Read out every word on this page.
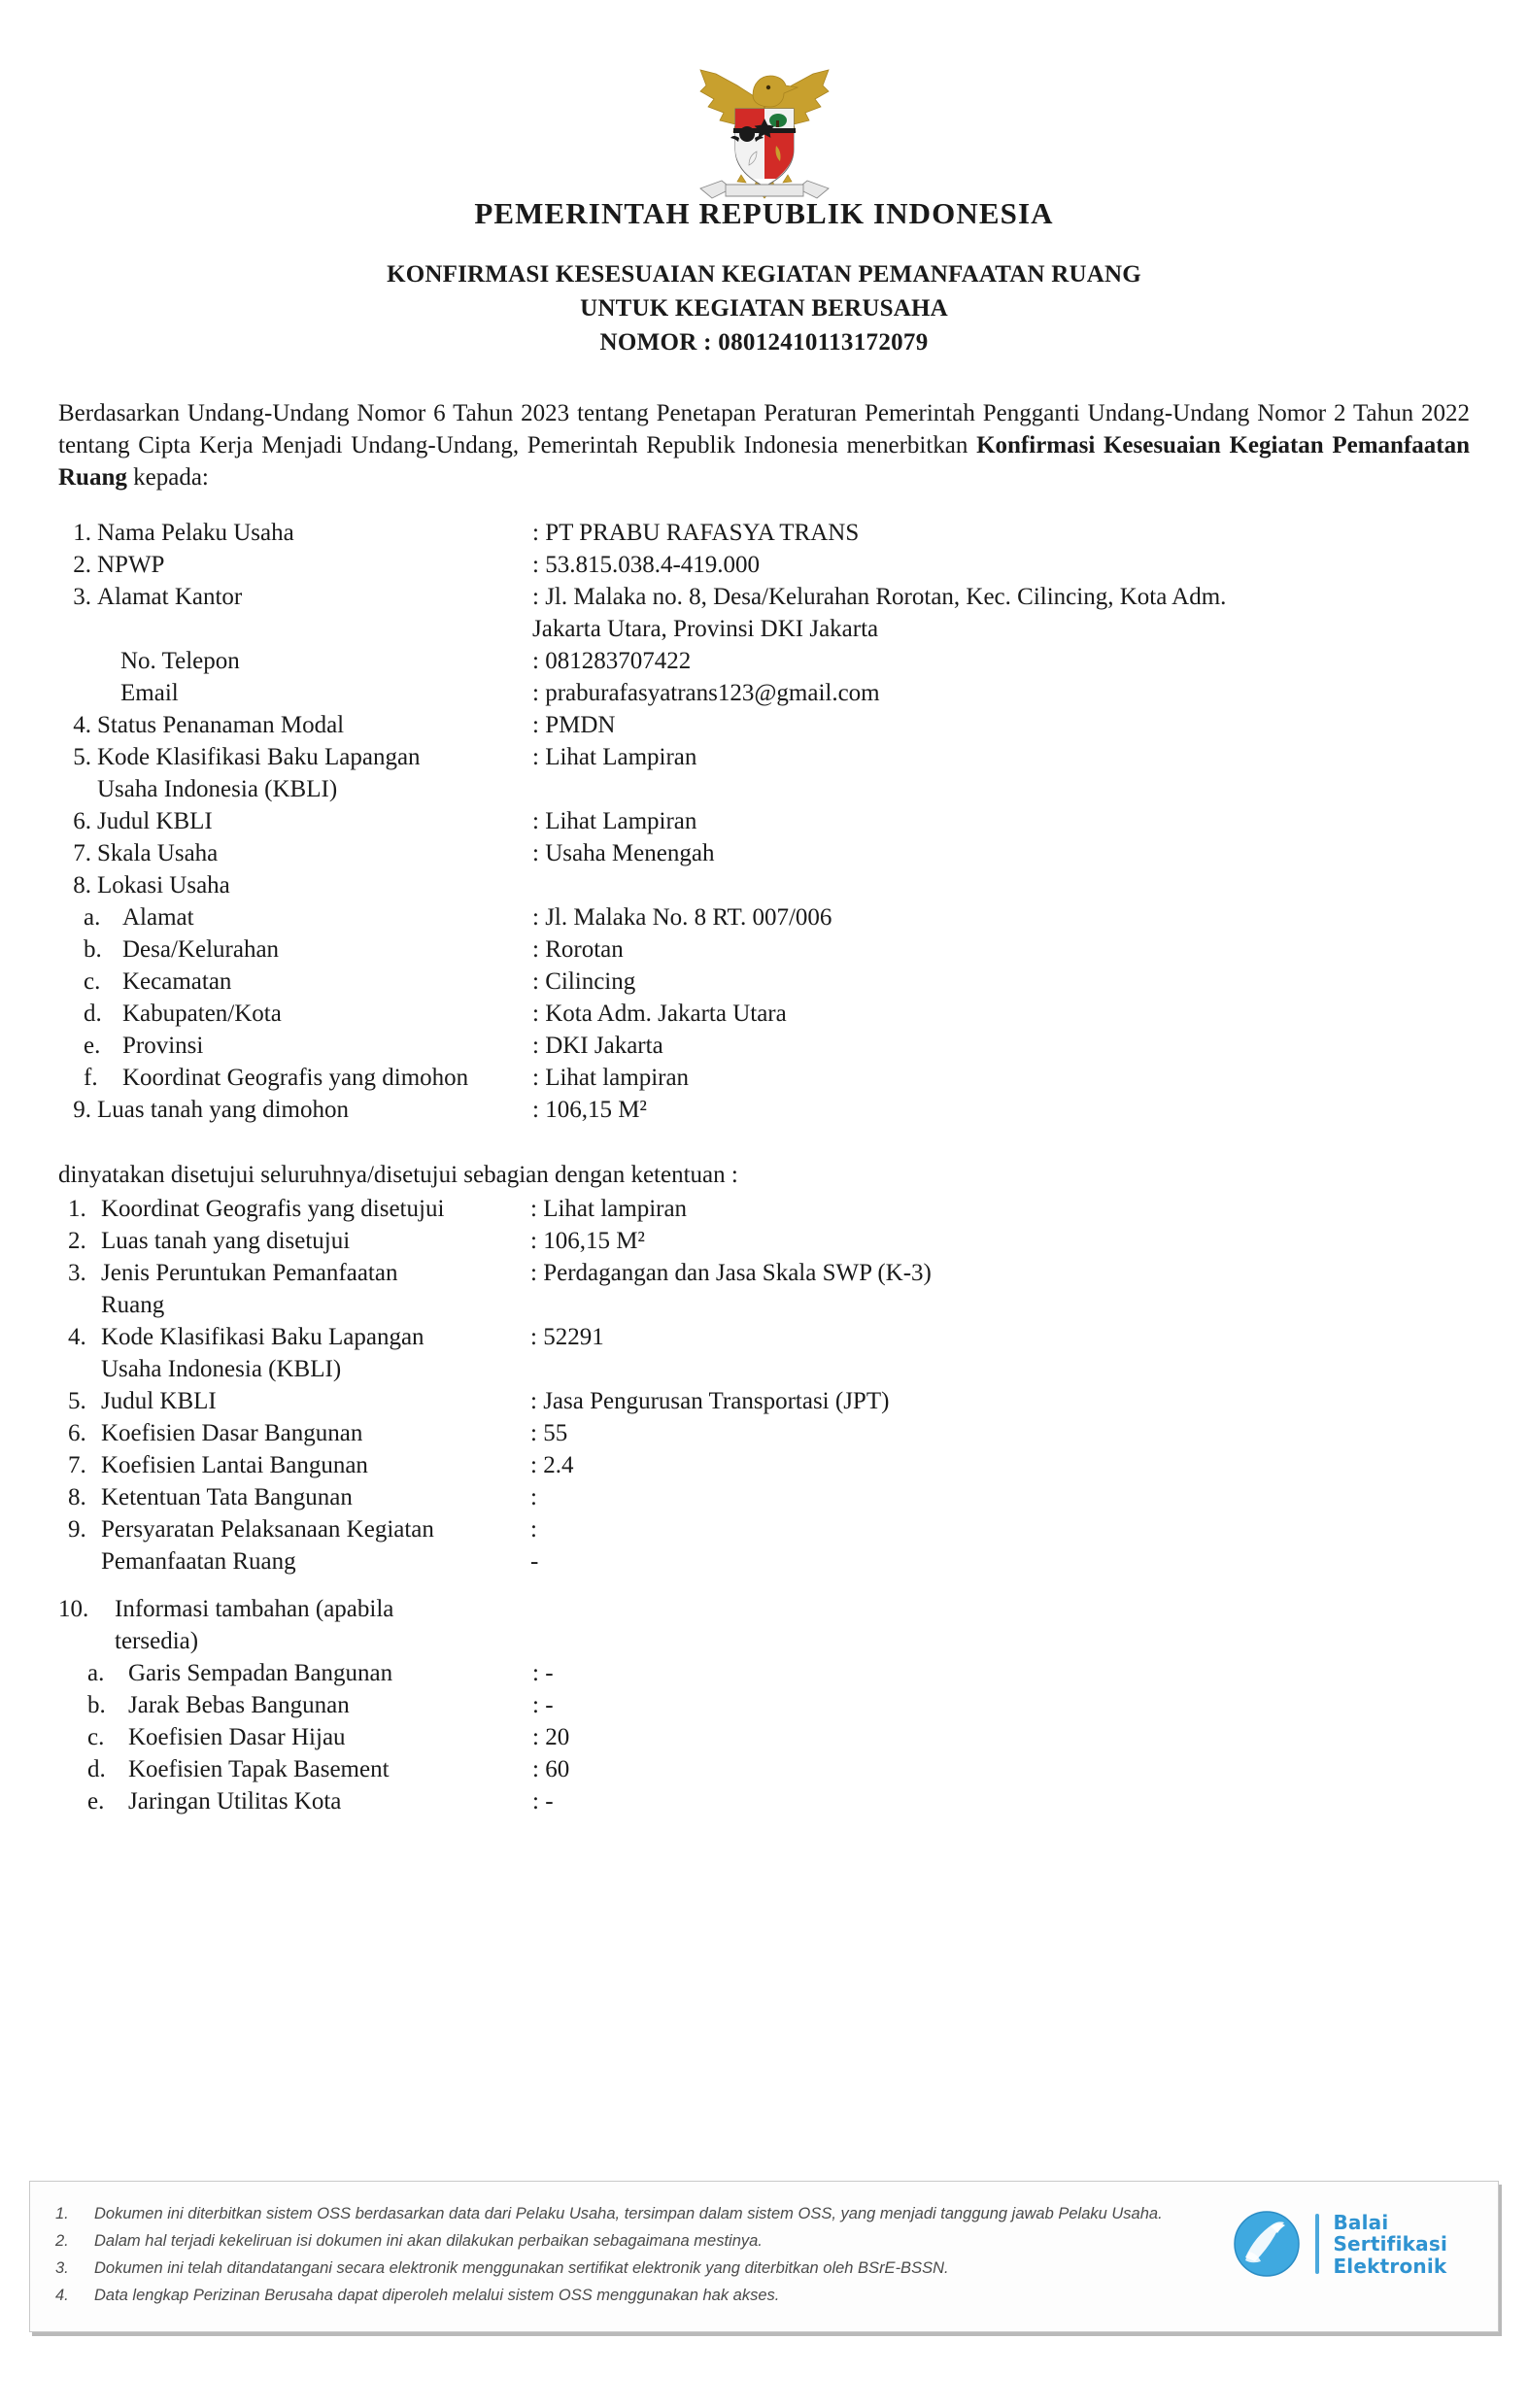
PEMERINTAH REPUBLIK INDONESIA
KONFIRMASI KESESUAIAN KEGIATAN PEMANFAATAN RUANG
UNTUK KEGIATAN BERUSAHA
NOMOR : 08012410113172079

Berdasarkan Undang-Undang Nomor 6 Tahun 2023 tentang Penetapan Peraturan Pemerintah Pengganti Undang-Undang Nomor 2 Tahun 2022 tentang Cipta Kerja Menjadi Undang-Undang, Pemerintah Republik Indonesia menerbitkan Konfirmasi Kesesuaian Kegiatan Pemanfaatan Ruang kepada:

1. Nama Pelaku Usaha	: PT PRABU RAFASYA TRANS
2. NPWP	: 53.815.038.4-419.000
3. Alamat Kantor	: Jl. Malaka no. 8, Desa/Kelurahan Rorotan, Kec. Cilincing, Kota Adm.
Jakarta Utara, Provinsi DKI Jakarta
No. Telepon	: 081283707422
Email	: praburafasyatrans123@gmail.com
4. Status Penanaman Modal	: PMDN
5. Kode Klasifikasi Baku Lapangan	: Lihat Lampiran
Usaha Indonesia (KBLI)
6. Judul KBLI	: Lihat Lampiran
7. Skala Usaha	: Usaha Menengah
8. Lokasi Usaha
a. Alamat	: Jl. Malaka No. 8 RT. 007/006
b. Desa/Kelurahan	: Rorotan
c. Kecamatan	: Cilincing
d. Kabupaten/Kota	: Kota Adm. Jakarta Utara
e. Provinsi	: DKI Jakarta
f.	Koordinat Geografis yang dimohon	: Lihat lampiran
9. Luas tanah yang dimohon	: 106,15 M²
dinyatakan disetujui seluruhnya/disetujui sebagian dengan ketentuan :
1. Koordinat Geografis yang disetujui	: Lihat lampiran
2. Luas tanah yang disetujui	: 106,15 M²
3. Jenis Peruntukan Pemanfaatan	: Perdagangan dan Jasa Skala SWP (K-3)
Ruang
4. Kode Klasifikasi Baku Lapangan	: 52291
Usaha Indonesia (KBLI)
5. Judul KBLI	: Jasa Pengurusan Transportasi (JPT)
6. Koefisien Dasar Bangunan	: 55
7. Koefisien Lantai Bangunan	: 2.4
8. Ketentuan Tata Bangunan	:
9. Persyaratan Pelaksanaan Kegiatan	:
Pemanfaatan Ruang	-
10.	Informasi tambahan (apabila
tersedia)
a. Garis Sempadan Bangunan	: -
b. Jarak Bebas Bangunan	: -
c. Koefisien Dasar Hijau	: 20
d. Koefisien Tapak Basement	: 60
e. Jaringan Utilitas Kota	: -
1.	Dokumen ini diterbitkan sistem OSS berdasarkan data dari Pelaku Usaha, tersimpan dalam sistem OSS, yang menjadi tanggung jawab Pelaku Usaha.
2.	Dalam hal terjadi kekeliruan isi dokumen ini akan dilakukan perbaikan sebagaimana mestinya.
3.	Dokumen ini telah ditandatangani secara elektronik menggunakan sertifikat elektronik yang diterbitkan oleh BSrE-BSSN.
4.	Data lengkap Perizinan Berusaha dapat diperoleh melalui sistem OSS menggunakan hak akses.
Balai
Sertifikasi
Elektronik
